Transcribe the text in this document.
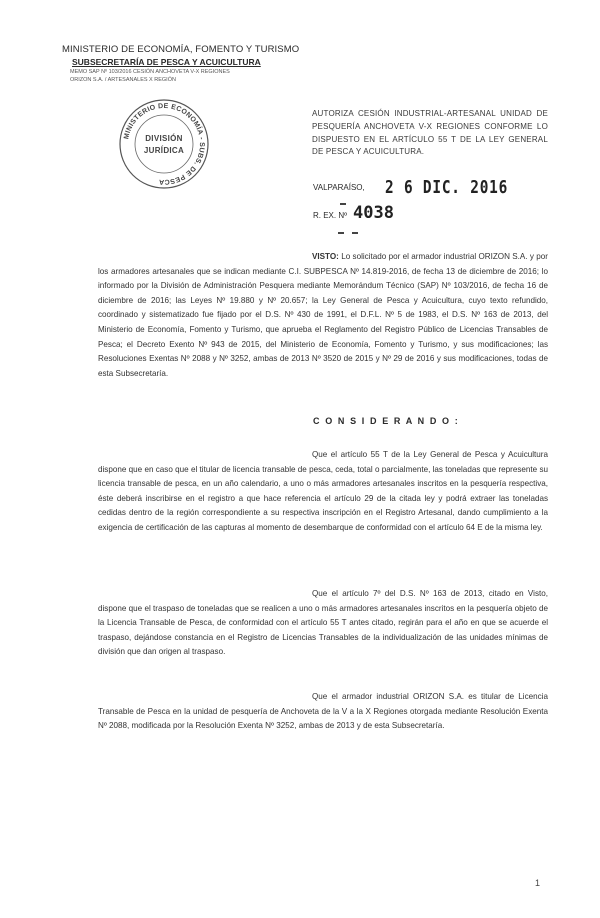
MINISTERIO DE ECONOMÍA, FOMENTO Y TURISMO
SUBSECRETARÍA DE PESCA Y ACUICULTURA
MEMO SAP Nº 103/2016 CESIÓN ANCHOVETA V-X REGIONES
ORIZON S.A. / ARTESANALES X REGIÓN
MINISTERIO DE ECONOMÍA - SUBS. DE PESCA
DIVISIÓN
JURÍDICA
AUTORIZA CESIÓN INDUSTRIAL-ARTESANAL UNIDAD DE PESQUERÍA ANCHOVETA V-X REGIONES CONFORME LO DISPUESTO EN EL ARTÍCULO 55 T DE LA LEY GENERAL DE PESCA Y ACUICULTURA.
VALPARAÍSO, 2 6 DIC. 2016
R. EX. Nº 4038
VISTO: Lo solicitado por el armador industrial ORIZON S.A. y por los armadores artesanales que se indican mediante C.I. SUBPESCA Nº 14.819-2016, de fecha 13 de diciembre de 2016; lo informado por la División de Administración Pesquera mediante Memorándum Técnico (SAP) Nº 103/2016, de fecha 16 de diciembre de 2016; las Leyes Nº 19.880 y Nº 20.657; la Ley General de Pesca y Acuicultura, cuyo texto refundido, coordinado y sistematizado fue fijado por el D.S. Nº 430 de 1991, el D.F.L. Nº 5 de 1983, el D.S. Nº 163 de 2013, del Ministerio de Economía, Fomento y Turismo, que aprueba el Reglamento del Registro Público de Licencias Transables de Pesca; el Decreto Exento Nº 943 de 2015, del Ministerio de Economía, Fomento y Turismo, y sus modificaciones; las Resoluciones Exentas Nº 2088 y Nº 3252, ambas de 2013 Nº 3520 de 2015 y Nº 29 de 2016 y sus modificaciones, todas de esta Subsecretaría.
C O N S I D E R A N D O :
Que el artículo 55 T de la Ley General de Pesca y Acuicultura dispone que en caso que el titular de licencia transable de pesca, ceda, total o parcialmente, las toneladas que represente su licencia transable de pesca, en un año calendario, a uno o más armadores artesanales inscritos en la pesquería respectiva, éste deberá inscribirse en el registro a que hace referencia el artículo 29 de la citada ley y podrá extraer las toneladas cedidas dentro de la región correspondiente a su respectiva inscripción en el Registro Artesanal, dando cumplimiento a la exigencia de certificación de las capturas al momento de desembarque de conformidad con el artículo 64 E de la misma ley.
Que el artículo 7º del D.S. Nº 163 de 2013, citado en Visto, dispone que el traspaso de toneladas que se realicen a uno o más armadores artesanales inscritos en la pesquería objeto de la Licencia Transable de Pesca, de conformidad con el artículo 55 T antes citado, regirán para el año en que se acuerde el traspaso, dejándose constancia en el Registro de Licencias Transables de la individualización de las unidades mínimas de división que dan origen al traspaso.
Que el armador industrial ORIZON S.A. es titular de Licencia Transable de Pesca en la unidad de pesquería de Anchoveta de la V a la X Regiones otorgada mediante Resolución Exenta Nº 2088, modificada por la Resolución Exenta Nº 3252, ambas de 2013 y de esta Subsecretaría.
1
